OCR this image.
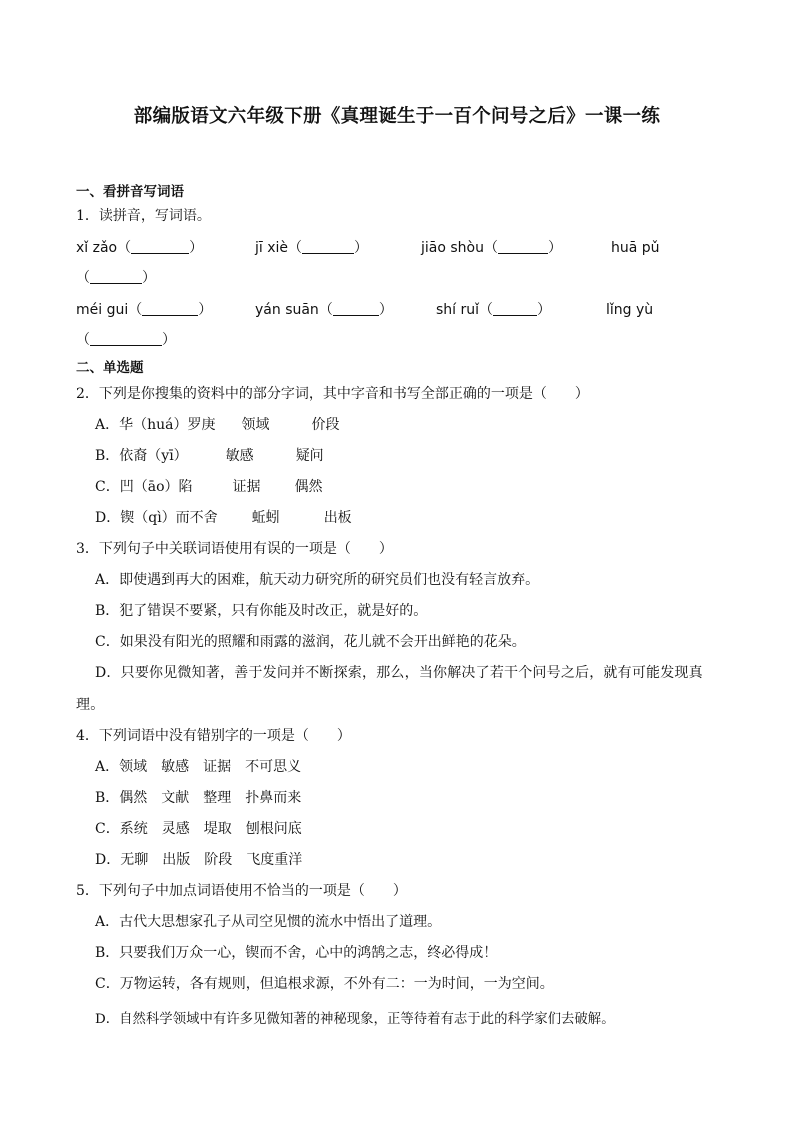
部编版语文六年级下册《真理诞生于一百个问号之后》一课一练
一、看拼音写词语
1．读拼音，写词语。
xǐ zǎo（	）	jī xiè（	）	jiāo shòu（	）	huā pǔ
（	）
méi gui（	）	yán suān（	）	shí ruǐ（	）	lǐng yù
（	）
二、单选题
2．下列是你搜集的资料中的部分字词，其中字音和书写全部正确的一项是（　　）
A．华（huá）罗庚 领域	价段
B．依裔（yī）	敏感	疑问
C．凹（āo）陷	证据 偶然
D．锲（qì）而不舍 蚯蚓	出板
3．下列句子中关联词语使用有误的一项是（　　）
A．即使遇到再大的困难，航天动力研究所的研究员们也没有轻言放弃。
B．犯了错误不要紧，只有你能及时改正，就是好的。
C．如果没有阳光的照耀和雨露的滋润，花儿就不会开出鲜艳的花朵。
D．只要你见微知著，善于发问并不断探索，那么，当你解决了若干个问号之后，就有可能发现真理。
4．下列词语中没有错别字的一项是（　　）
A．领域 敏感 证据 不可思义
B．偶然 文献 整理 扑鼻而来
C．系统 灵感 堤取 刨根问底
D．无聊 出版 阶段 飞度重洋
5．下列句子中加点词语使用不恰当的一项是（　　）
A．古代大思想家孔子从司空见惯的流水中悟出了道理。
B．只要我们万众一心，锲而不舍，心中的鸿鹄之志，终必得成！
C．万物运转，各有规则，但追根求源，不外有二：一为时间，一为空间。
D．自然科学领域中有许多见微知著的神秘现象，正等待着有志于此的科学家们去破解。
